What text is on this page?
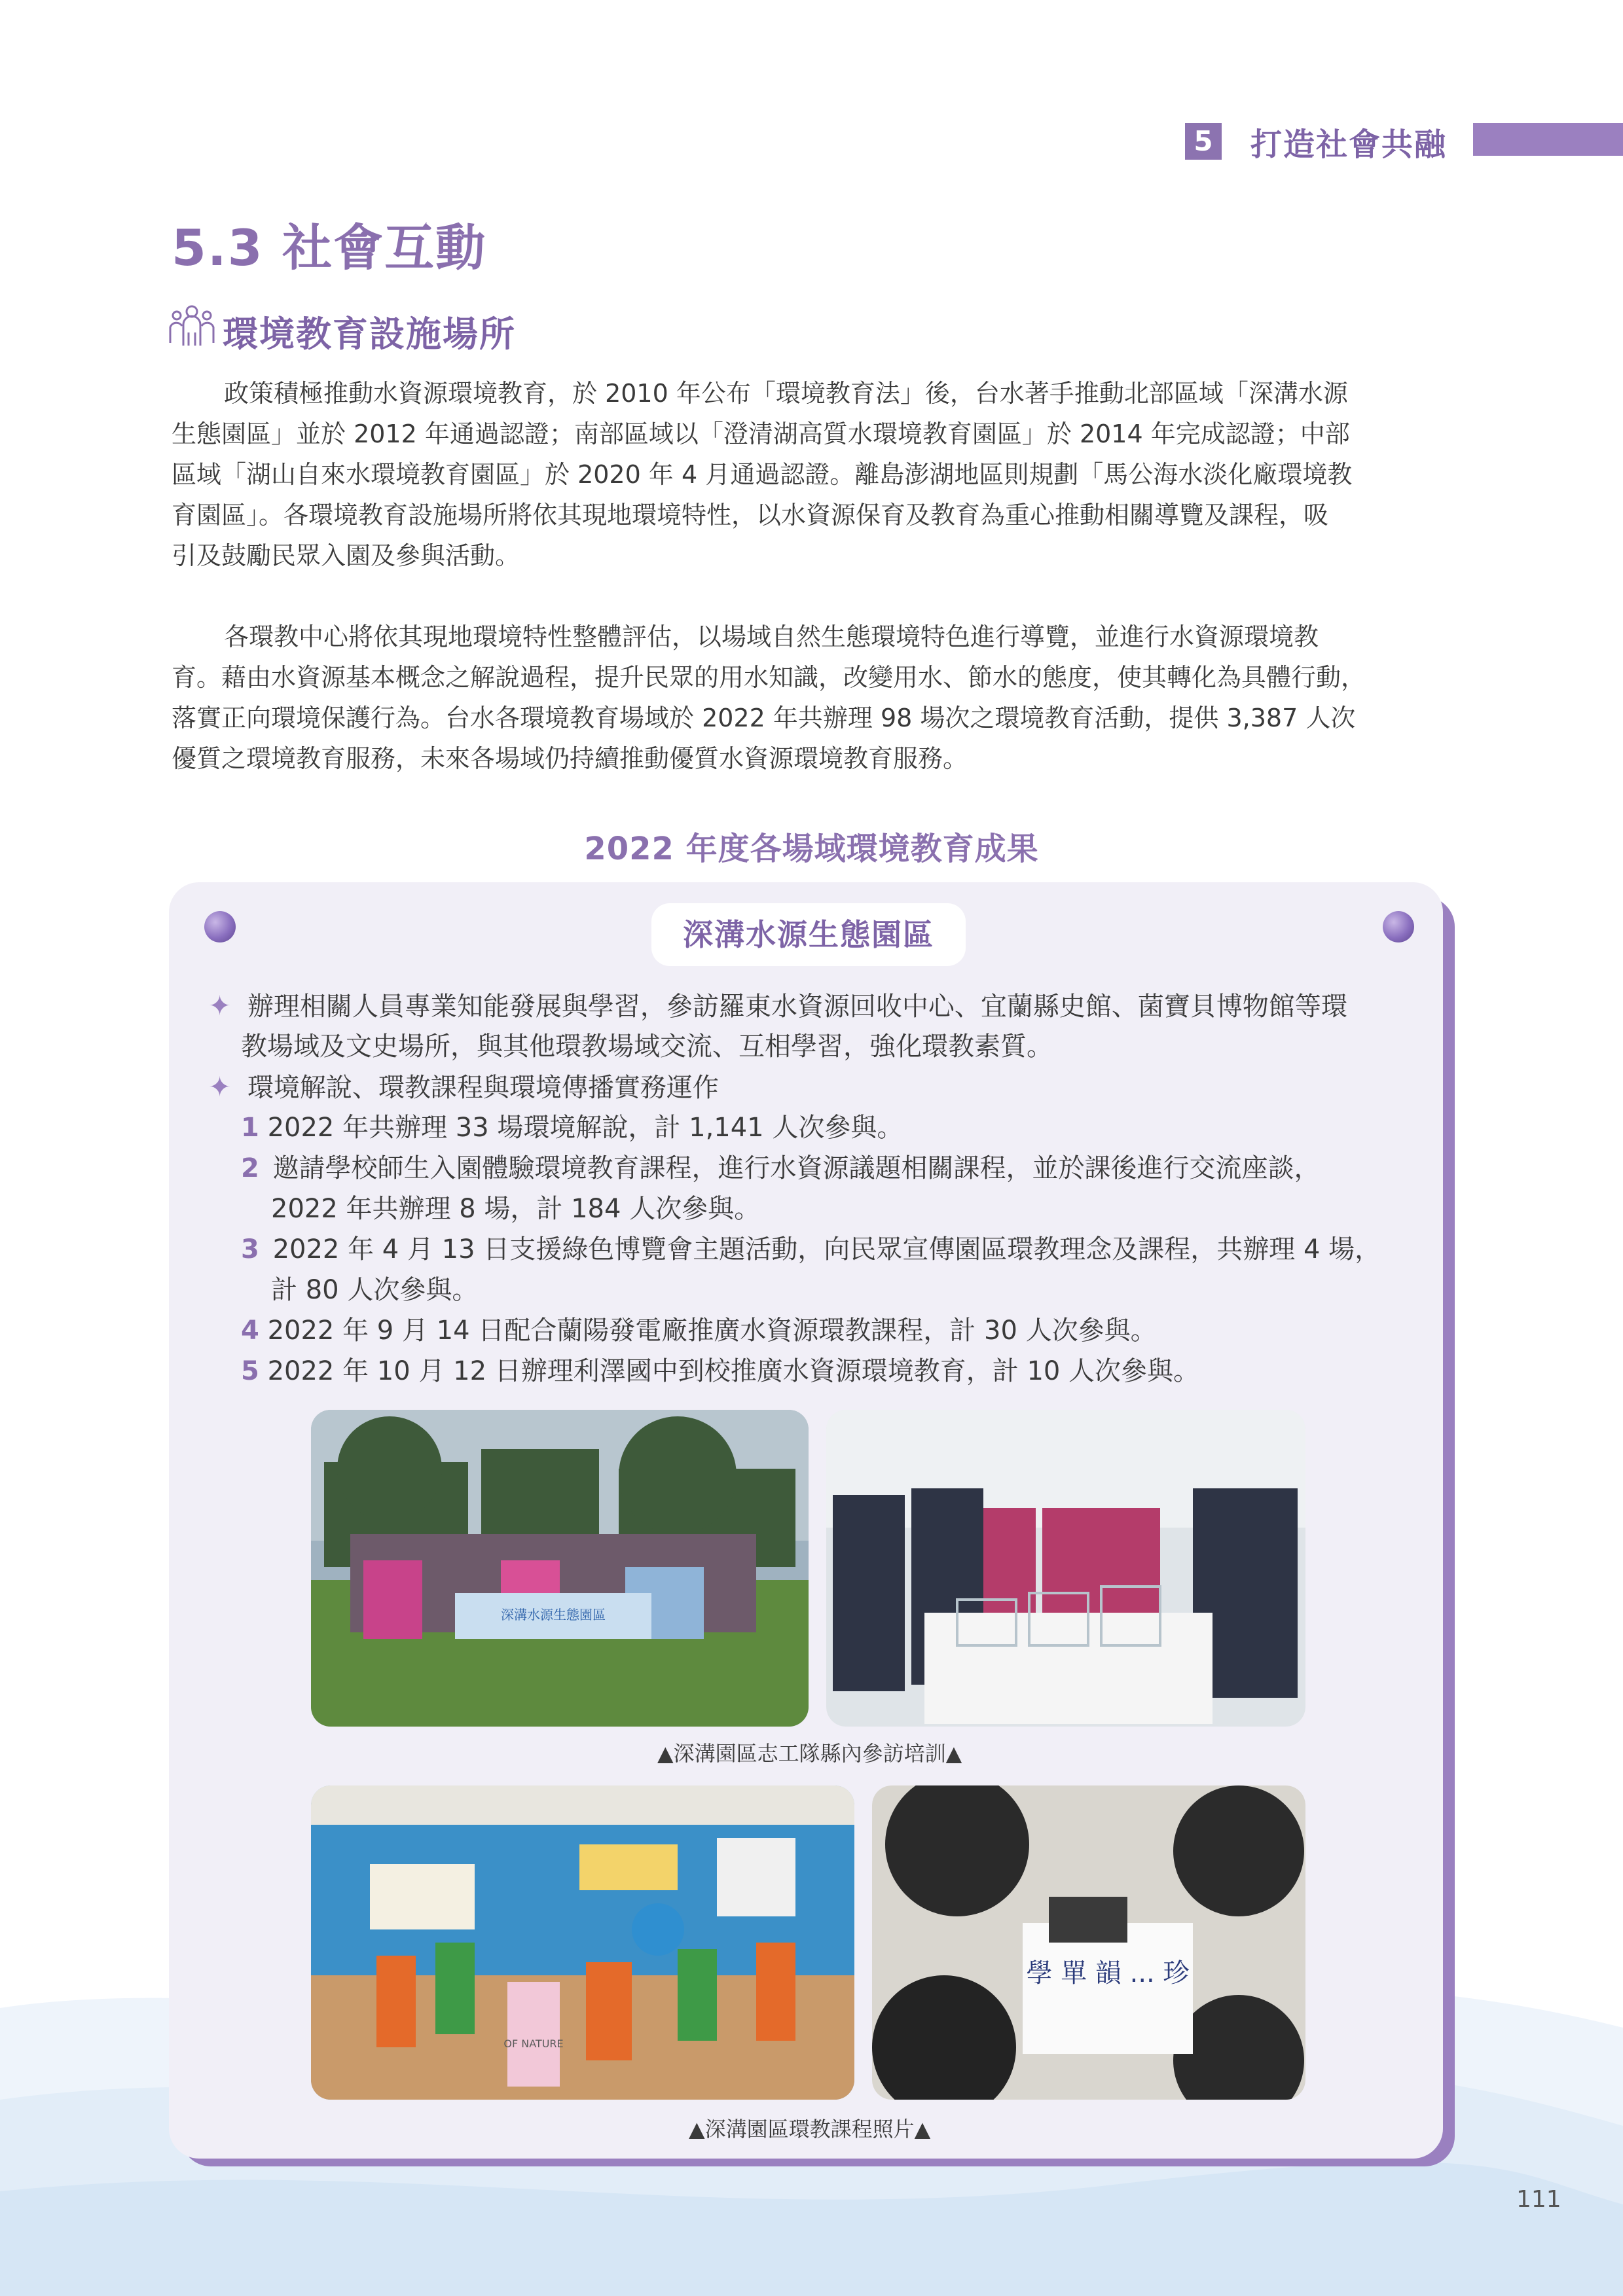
5 打造社會共融
5.3 社會互動
環境教育設施場所
政策積極推動水資源環境教育，於 2010 年公布「環境教育法」後，台水著手推動北部區域「深溝水源
生態園區」並於 2012 年通過認證；南部區域以「澄清湖高質水環境教育園區」於 2014 年完成認證；中部
區域「湖山自來水環境教育園區」於 2020 年 4 月通過認證。離島澎湖地區則規劃「馬公海水淡化廠環境教
育園區」。各環境教育設施場所將依其現地環境特性，以水資源保育及教育為重心推動相關導覽及課程，吸
引及鼓勵民眾入園及參與活動。
各環教中心將依其現地環境特性整體評估，以場域自然生態環境特色進行導覽，並進行水資源環境教
育。藉由水資源基本概念之解說過程，提升民眾的用水知識，改變用水、節水的態度，使其轉化為具體行動，
落實正向環境保護行為。台水各環境教育場域於 2022 年共辦理 98 場次之環境教育活動，提供 3,387 人次
優質之環境教育服務，未來各場域仍持續推動優質水資源環境教育服務。
2022 年度各場域環境教育成果
深溝水源生態園區
✦ 辦理相關人員專業知能發展與學習，參訪羅東水資源回收中心、宜蘭縣史館、菌寶貝博物館等環
教場域及文史場所，與其他環教場域交流、互相學習，強化環教素質。
✦ 環境解說、環教課程與環境傳播實務運作
1 2022 年共辦理 33 場環境解說，計 1,141 人次參與。
2 邀請學校師生入園體驗環境教育課程，進行水資源議題相關課程，並於課後進行交流座談，
2022 年共辦理 8 場，計 184 人次參與。
3 2022 年 4 月 13 日支援綠色博覽會主題活動，向民眾宣傳園區環教理念及課程，共辦理 4 場，
計 80 人次參與。
4 2022 年 9 月 14 日配合蘭陽發電廠推廣水資源環教課程，計 30 人次參與。
5 2022 年 10 月 12 日辦理利澤國中到校推廣水資源環境教育，計 10 人次參與。
深溝水源生態園區
▲深溝園區志工隊縣內參訪培訓▲
OF NATURE
學 單 韻 ... 珍
▲深溝園區環教課程照片▲
111
